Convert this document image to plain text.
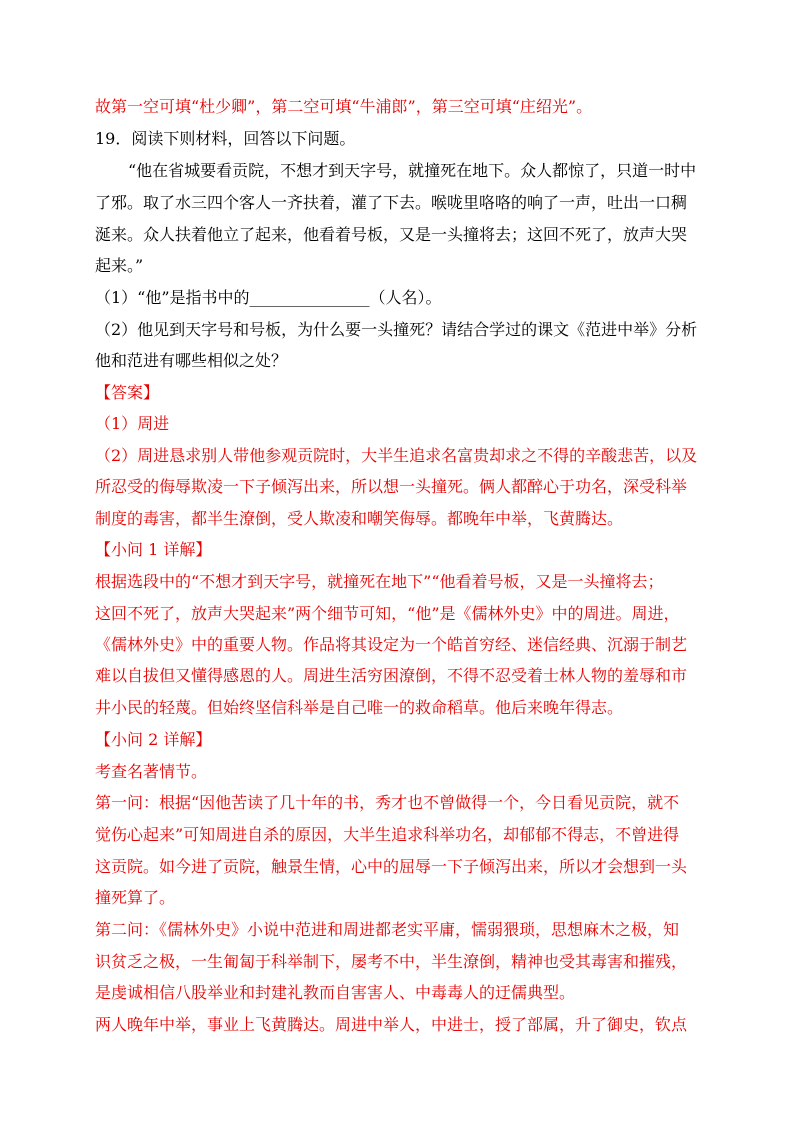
故第一空可填“杜少卿”，第二空可填“牛浦郎”，第三空可填“庄绍光”。
19．阅读下则材料，回答以下问题。
“他在省城要看贡院，不想才到天字号，就撞死在地下。众人都惊了，只道一时中
了邪。取了水三四个客人一齐扶着，灌了下去。喉咙里咯咯的响了一声，吐出一口稠
涎来。众人扶着他立了起来，他看着号板，又是一头撞将去；这回不死了，放声大哭
起来。”
（1）“他”是指书中的_______________（人名）。
（2）他见到天字号和号板，为什么要一头撞死？请结合学过的课文《范进中举》分析
他和范进有哪些相似之处？
【答案】
（1）周进
（2）周进恳求别人带他参观贡院时，大半生追求名富贵却求之不得的辛酸悲苦，以及
所忍受的侮辱欺凌一下子倾泻出来，所以想一头撞死。俩人都醉心于功名，深受科举
制度的毒害，都半生潦倒，受人欺凌和嘲笑侮辱。都晚年中举，飞黄腾达。
【小问 1 详解】
根据选段中的“不想才到天字号，就撞死在地下”“他看着号板，又是一头撞将去；
这回不死了，放声大哭起来”两个细节可知，“他”是《儒林外史》中的周进。周进，
《儒林外史》中的重要人物。作品将其设定为一个皓首穷经、迷信经典、沉溺于制艺
难以自拔但又懂得感恩的人。周进生活穷困潦倒，不得不忍受着士林人物的羞辱和市
井小民的轻蔑。但始终坚信科举是自己唯一的救命稻草。他后来晚年得志。
【小问 2 详解】
考查名著情节。
第一问：根据“因他苦读了几十年的书，秀才也不曾做得一个，今日看见贡院，就不
觉伤心起来”可知周进自杀的原因，大半生追求科举功名，却郁郁不得志，不曾进得
这贡院。如今进了贡院，触景生情，心中的屈辱一下子倾泻出来，所以才会想到一头
撞死算了。
第二问：《儒林外史》小说中范进和周进都老实平庸，懦弱猥琐，思想麻木之极，知
识贫乏之极，一生匍匐于科举制下，屡考不中，半生潦倒，精神也受其毒害和摧残，
是虔诚相信八股举业和封建礼教而自害害人、中毒毒人的迂儒典型。
两人晚年中举，事业上飞黄腾达。周进中举人，中进士，授了部属，升了御史，钦点
